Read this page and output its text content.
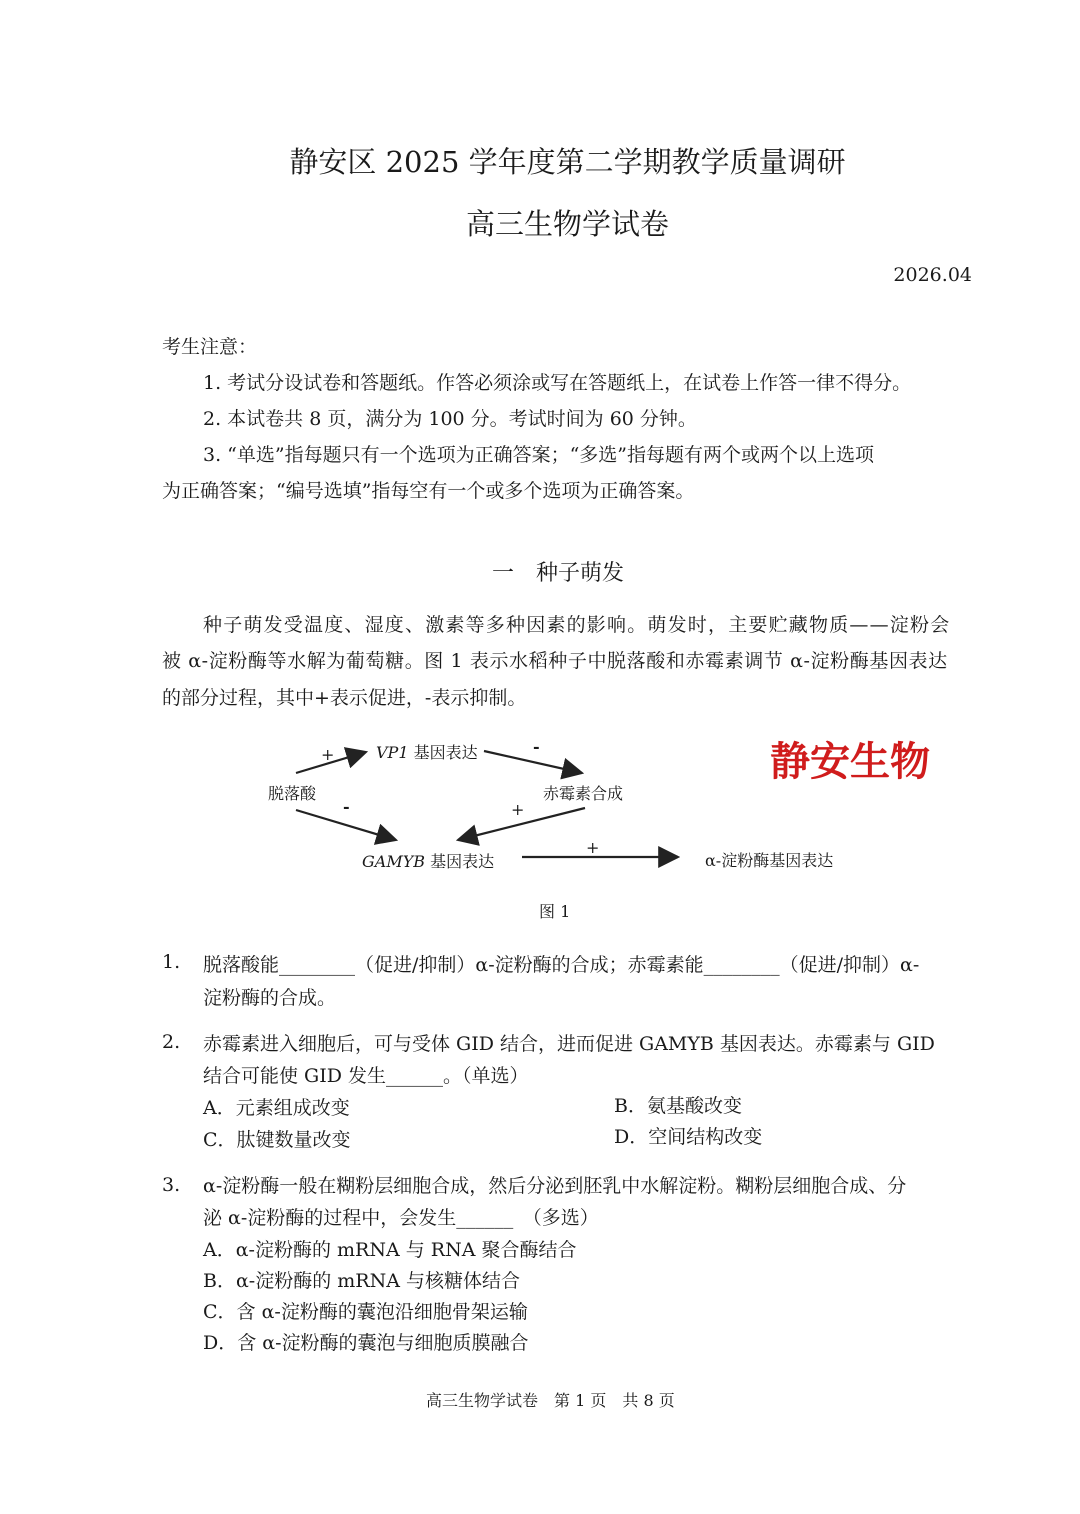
静安区 2025 学年度第二学期教学质量调研
高三生物学试卷
2026.04
考生注意：
1. 考试分设试卷和答题纸。作答必须涂或写在答题纸上，在试卷上作答一律不得分。
2. 本试卷共 8 页，满分为 100 分。考试时间为 60 分钟。
3. “单选”指每题只有一个选项为正确答案；“多选”指每题有两个或两个以上选项
为正确答案；“编号选填”指每空有一个或多个选项为正确答案。
一　种子萌发
种子萌发受温度、湿度、激素等多种因素的影响。萌发时，主要贮藏物质——淀粉会
被 α-淀粉酶等水解为葡萄糖。图 1 表示水稻种子中脱落酸和赤霉素调节 α-淀粉酶基因表达
的部分过程，其中+表示促进，-表示抑制。
静安生物
脱落酸
VP1 基因表达
赤霉素合成
GAMYB 基因表达	α-淀粉酶基因表达
+	-
-	+
+
图 1
1. 脱落酸能________（促进/抑制）α-淀粉酶的合成；赤霉素能________（促进/抑制）α-
淀粉酶的合成。
2. 赤霉素进入细胞后，可与受体 GID 结合，进而促进 GAMYB 基因表达。赤霉素与 GID
结合可能使 GID 发生______。（单选）
A．元素组成改变	B．氨基酸改变
C．肽键数量改变	D．空间结构改变
3. α-淀粉酶一般在糊粉层细胞合成，然后分泌到胚乳中水解淀粉。糊粉层细胞合成、分
泌 α-淀粉酶的过程中，会发生______　（多选）
A．α-淀粉酶的 mRNA 与 RNA 聚合酶结合
B．α-淀粉酶的 mRNA 与核糖体结合
C．含 α-淀粉酶的囊泡沿细胞骨架运输
D．含 α-淀粉酶的囊泡与细胞质膜融合
高三生物学试卷　第 1 页　共 8 页
